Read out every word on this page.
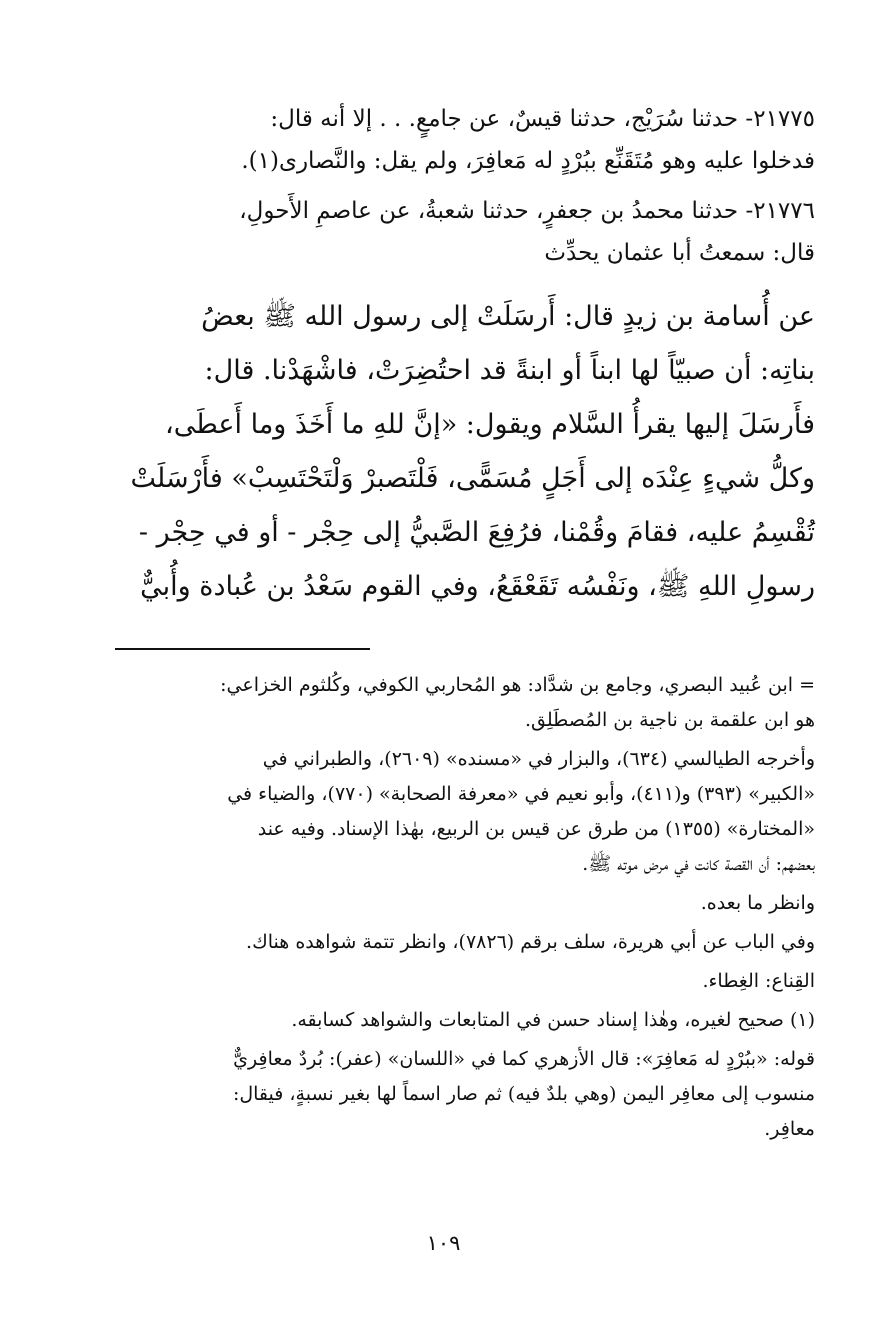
٢١٧٧٥- حدثنا سُرَيْج، حدثنا قيسٌ، عن جامعٍ. . . إلا أنه قال:
فدخلوا عليه وهو مُتَقَنِّع ببُرْدٍ له مَعافِرَ، ولم يقل: والنَّصارى(١).

٢١٧٧٦- حدثنا محمدُ بن جعفرٍ، حدثنا شعبةُ، عن عاصمِ الأَحولِ،
قال: سمعتُ أبا عثمان يحدِّث

عن أُسامة بن زيدٍ قال: أَرسَلَتْ إلى رسول الله ﷺ بعضُ
بناتِه: أن صبيّاً لها ابناً أو ابنةً قد احتُضِرَتْ، فاشْهَدْنا. قال:
فأَرسَلَ إليها يقرأُ السَّلام ويقول: «إنَّ للهِ ما أَخَذَ وما أَعطَى،
وكلُّ شيءٍ عِنْدَه إلى أَجَلٍ مُسَمًّى، فَلْتَصبرْ وَلْتَحْتَسِبْ» فأَرْسَلَتْ
تُقْسِمُ عليه، فقامَ وقُمْنا، فرُفِعَ الصَّبيُّ إلى حِجْر - أو في حِجْر -
رسولِ اللهِ ﷺ، ونَفْسُه تَقَعْقَعُ، وفي القوم سَعْدُ بن عُبادة وأُبيٌّ

= ابن عُبيد البصري، وجامع بن شدَّاد: هو المُحاربي الكوفي، وكُلثوم الخزاعي:
هو ابن علقمة بن ناجية بن المُصطَلِق.

وأخرجه الطيالسي (٦٣٤)، والبزار في «مسنده» (٢٦٠٩)، والطبراني في
«الكبير» (٣٩٣) و(٤١١)، وأبو نعيم في «معرفة الصحابة» (٧٧٠)، والضياء في
«المختارة» (١٣٥٥) من طرق عن قيس بن الربيع، بهٰذا الإسناد. وفيه عند
بعضهم: أن القصة كانت في مرض موته ﷺ.

وانظر ما بعده.

وفي الباب عن أبي هريرة، سلف برقم (٧٨٢٦)، وانظر تتمة شواهده هناك.

القِناع: الغِطاء.

(١) صحيح لغيره، وهٰذا إسناد حسن في المتابعات والشواهد كسابقه.

قوله: «ببُرْدٍ له مَعافِرَ»: قال الأزهري كما في «اللسان» (عفر): بُردٌ معافِريٌّ
منسوب إلى معافِر اليمن (وهي بلدٌ فيه) ثم صار اسماً لها بغير نسبةٍ، فيقال:
معافِر.

١٠٩
